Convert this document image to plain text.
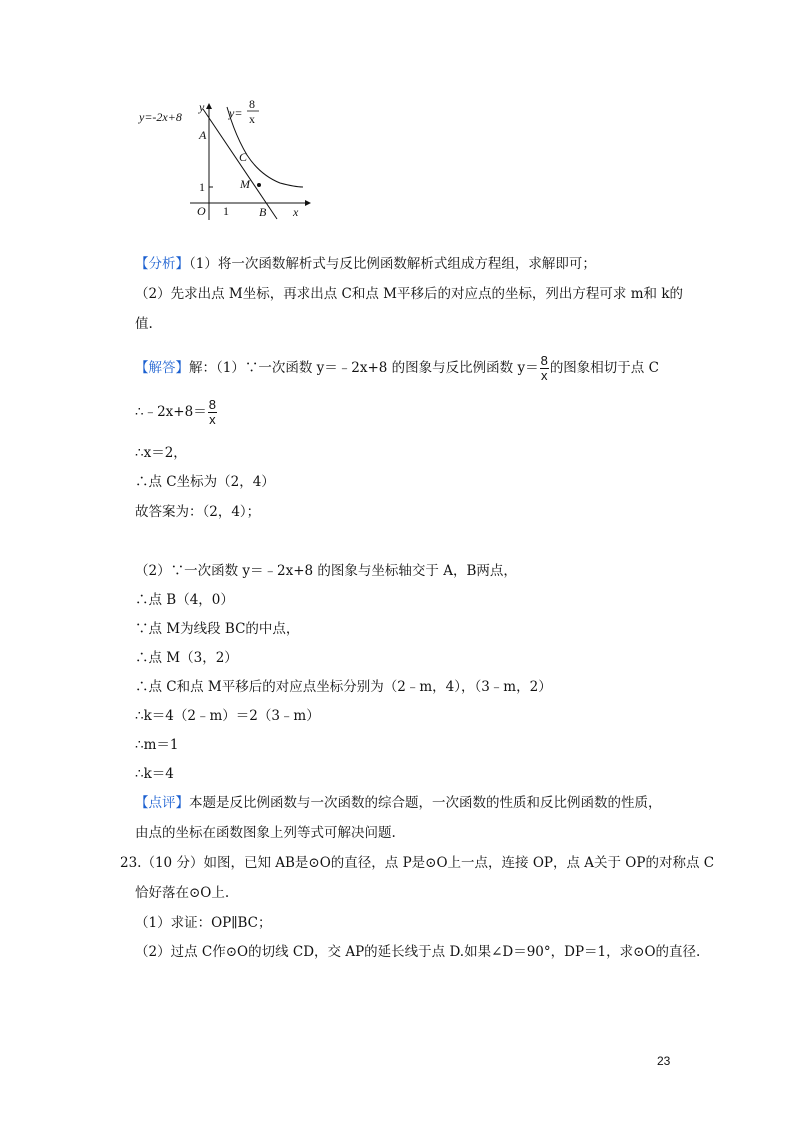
y=-2x+8
y y=
8
x
A
C
M
1
O 1	B x
【分析】（1）将一次函数解析式与反比例函数解析式组成方程组，求解即可；
（2）先求出点 M坐标，再求出点 C和点 M平移后的对应点的坐标，列出方程可求 m和 k的
值.
【解答】解：（1）∵一次函数 y＝﹣2x+8 的图象与反比例函数 $y= \frac{8}{x}$ 的图象相切于点 C
∴﹣2x+8＝ $\frac{8}{x}$
∴x＝2，
∴点 C坐标为（2，4）
故答案为：（2，4）；
（2）∵一次函数 y＝﹣2x+8 的图象与坐标轴交于 A，B两点，
∴点 B（4，0）
∵点 M为线段 BC的中点，
∴点 M（3，2）
∴点 C和点 M平移后的对应点坐标分别为（2﹣m，4），（3﹣m，2）
∴k＝4（2﹣m）＝2（3﹣m）
∴m＝1
∴k＝4
【点评】本题是反比例函数与一次函数的综合题，一次函数的性质和反比例函数的性质，
由点的坐标在函数图象上列等式可解决问题.
23.（10 分）如图，已知 AB是⊙O的直径，点 P是⊙O上一点，连接 OP，点 A关于 OP的对称点 C
恰好落在⊙O上.
（1）求证：OP∥BC；
（2）过点 C作⊙O的切线 CD，交 AP的延长线于点 D.如果∠D＝90°，DP＝1，求⊙O的直径.
23
